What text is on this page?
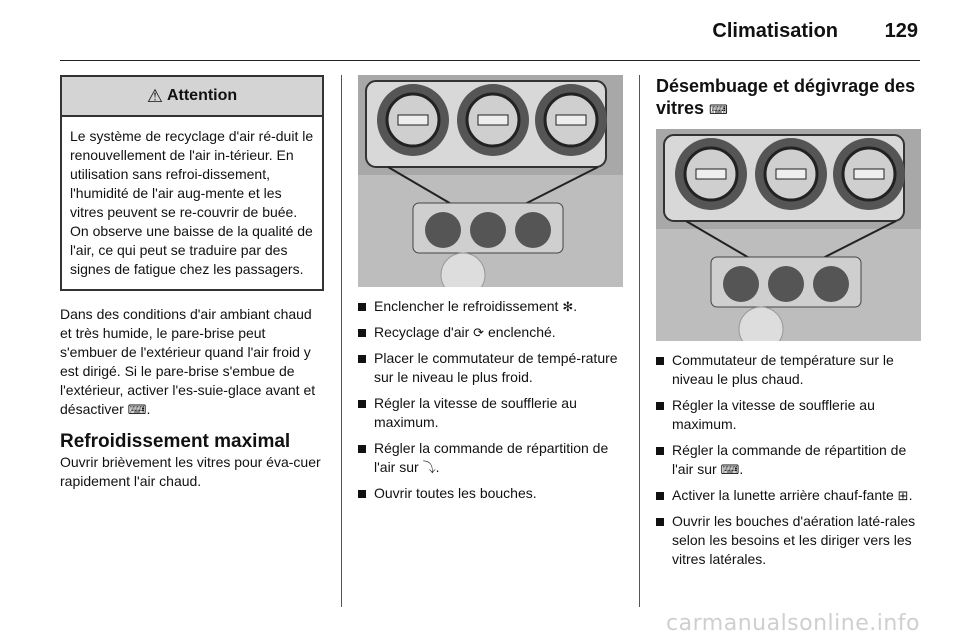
Climatisation 129
⚠ Attention
Le système de recyclage d'air ré-duit le renouvellement de l'air in-térieur. En utilisation sans refroi-dissement, l'humidité de l'air aug-mente et les vitres peuvent se re-couvrir de buée. On observe une baisse de la qualité de l'air, ce qui peut se traduire par des signes de fatigue chez les passagers.

Dans des conditions d'air ambiant chaud et très humide, le pare-brise peut s'embuer de l'extérieur quand l'air froid y est dirigé. Si le pare-brise s'embue de l'extérieur, activer l'es-suie-glace avant et désactiver ⌨.

Refroidissement maximal

Ouvrir brièvement les vitres pour éva-cuer rapidement l'air chaud.

Enclencher le refroidissement ✻.
Recyclage d'air ⟳ enclenché.
Placer le commutateur de tempé-rature sur le niveau le plus froid.
Régler la vitesse de soufflerie au maximum.
Régler la commande de répartition de l'air sur ⤵.
Ouvrir toutes les bouches.
Désembuage et dégivrage des vitres ⌨
Commutateur de température sur le niveau le plus chaud.
Régler la vitesse de soufflerie au maximum.
Régler la commande de répartition de l'air sur ⌨.
Activer la lunette arrière chauf-fante ⊞.
Ouvrir les bouches d'aération laté-rales selon les besoins et les diriger vers les vitres latérales.
carmanualsonline.info
